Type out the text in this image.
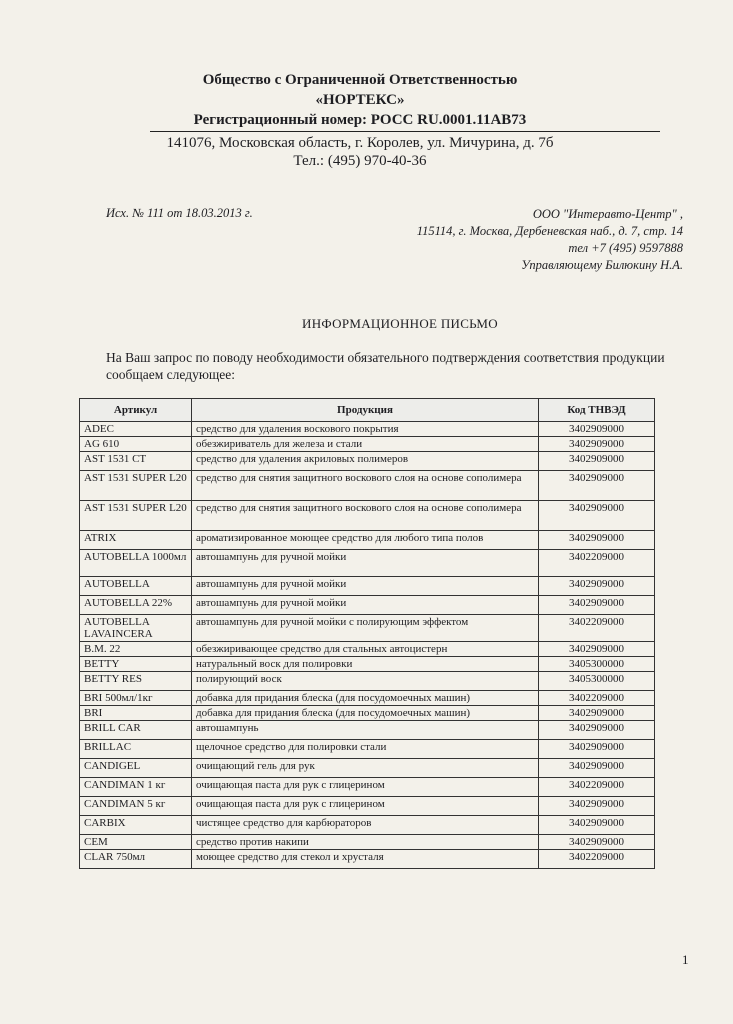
Общество с Ограниченной Ответственностью
«НОРТЕКС»
Регистрационный номер: РОСС RU.0001.11АВ73
141076, Московская область, г. Королев, ул. Мичурина, д. 7б
Тел.: (495) 970-40-36
Исх. № 111 от 18.03.2013 г.	ООО "Интеравто-Центр" ,
115114, г. Москва, Дербеневская наб., д. 7, стр. 14
тел +7 (495) 9597888
Управляющему Билюкину Н.А.
ИНФОРМАЦИОННОЕ ПИСЬМО
На Ваш запрос по поводу необходимости обязательного подтверждения соответствия продукции сообщаем следующее:
Артикул	Продукция	Код ТНВЭД
ADEC	средство для удаления воскового покрытия	3402909000
AG 610	обезжириватель для железа и стали	3402909000
AST 1531 CT	средство для удаления акриловых полимеров	3402909000
AST 1531 SUPER L20	средство для снятия защитного воскового слоя на основе сополимера	3402909000
AST 1531 SUPER L20	средство для снятия защитного воскового слоя на основе сополимера	3402909000
ATRIX	ароматизированное моющее средство для любого типа полов	3402909000
AUTOBELLA 1000мл	автошампунь для ручной мойки	3402209000
AUTOBELLA	автошампунь для ручной мойки	3402909000
AUTOBELLA 22%	автошампунь для ручной мойки	3402909000
AUTOBELLA LAVAINCERA	автошампунь для ручной мойки с полирующим эффектом	3402209000
B.M. 22	обезжиривающее средство для стальных автоцистерн	3402909000
BETTY	натуральный воск для полировки	3405300000
BETTY RES	полирующий воск	3405300000
BRI 500мл/1кг	добавка для придания блеска (для посудомоечных машин)	3402209000
BRI	добавка для придания блеска (для посудомоечных машин)	3402909000
BRILL CAR	автошампунь	3402909000
BRILLAC	щелочное средство для полировки стали	3402909000
CANDIGEL	очищающий гель для рук	3402909000
CANDIMAN 1 кг	очищающая паста для рук с глицерином	3402209000
CANDIMAN 5 кг	очищающая паста для рук с глицерином	3402909000
CARBIX	чистящее средство для карбюраторов	3402909000
CEM	средство против накипи	3402909000
CLAR 750мл	моющее средство для стекол и хрусталя	3402209000
1
